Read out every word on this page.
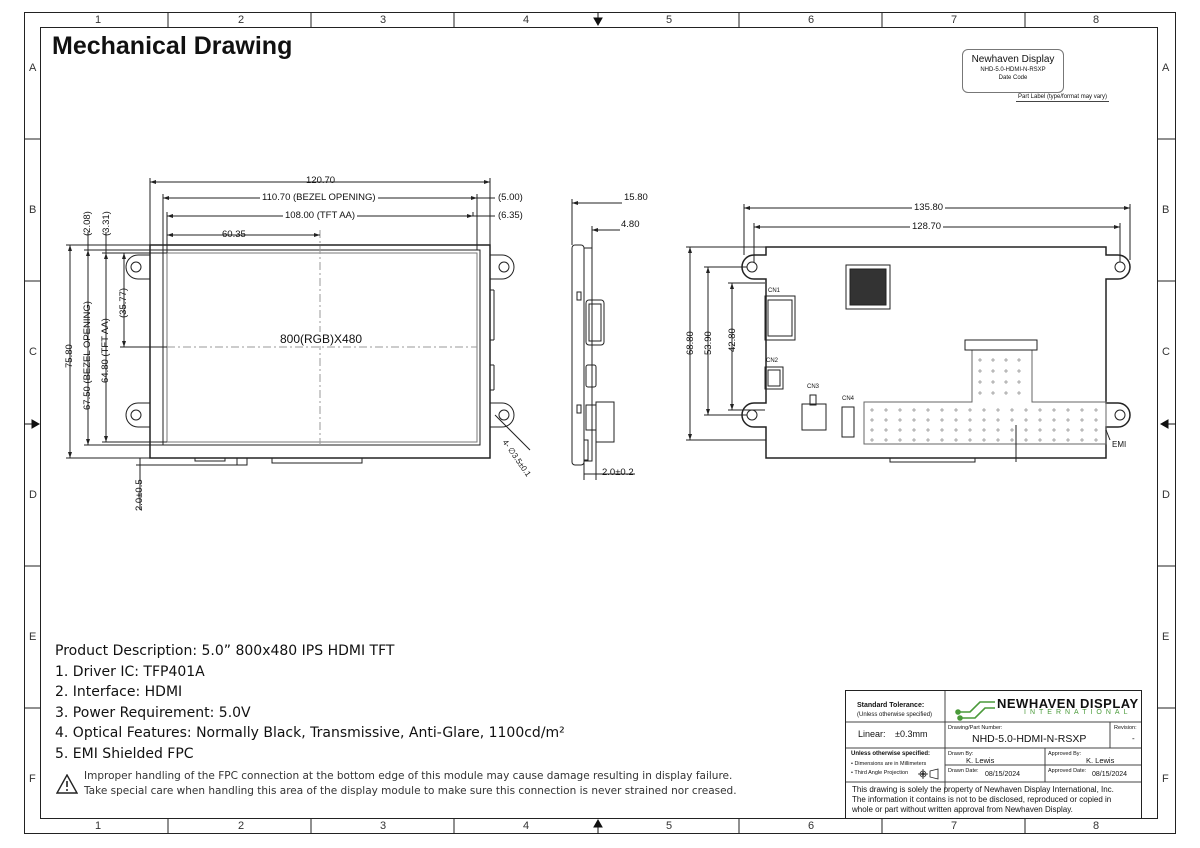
1	2	3	4	5	6	7	8
1	2	3	4	5	6	7	8
A
B
C
D
E
F
A
B
C
D
E
F
Mechanical Drawing	Newhaven Display
NHD-5.0-HDMI-N-RSXP
Date Code
Part Label (type/format may vary)
120.70
110.70 (BEZEL OPENING)	(5.00)
108.00 (TFT AA)	(6.35)
60.35
(2.08) (3.31)
75.80 67.50 (BEZEL OPENING) 64.80 (TFT AA)
(35.77)
800(RGB)X480
4- ∅3.5±0.1
2.0±0.5
15.80
4.80
2.0±0.2
135.80
128.70
68.80 53.90 42.80
CN1
CN2
CN3
CN4
EMI
Product Description: 5.0” 800x480 IPS HDMI TFT
1. Driver IC: TFP401A
2. Interface: HDMI
3. Power Requirement: 5.0V
4. Optical Features: Normally Black, Transmissive, Anti-Glare, 1100cd/m²
5. EMI Shielded FPC
Improper handling of the FPC connection at the bottom edge of this module may cause damage resulting in display failure.
Take special care when handling this area of the display module to make sure this connection is never strained nor creased.
Standard Tolerance:
(Unless otherwise specified)
Linear: ±0.3mm
NEWHAVEN DISPLAY
INTERNATIONAL
Drawing/Part Number:
NHD-5.0-HDMI-N-RSXP
Revision:
-
Unless otherwise specified:
• Dimensions are in Millimeters
• Third Angle Projection
Drawn By:
K. Lewis
Approved By:
K. Lewis
Drawn Date: 08/15/2024	Approved Date: 08/15/2024
This drawing is solely the property of Newhaven Display International, Inc.
The information it contains is not to be disclosed, reproduced or copied in
whole or part without written approval from Newhaven Display.
